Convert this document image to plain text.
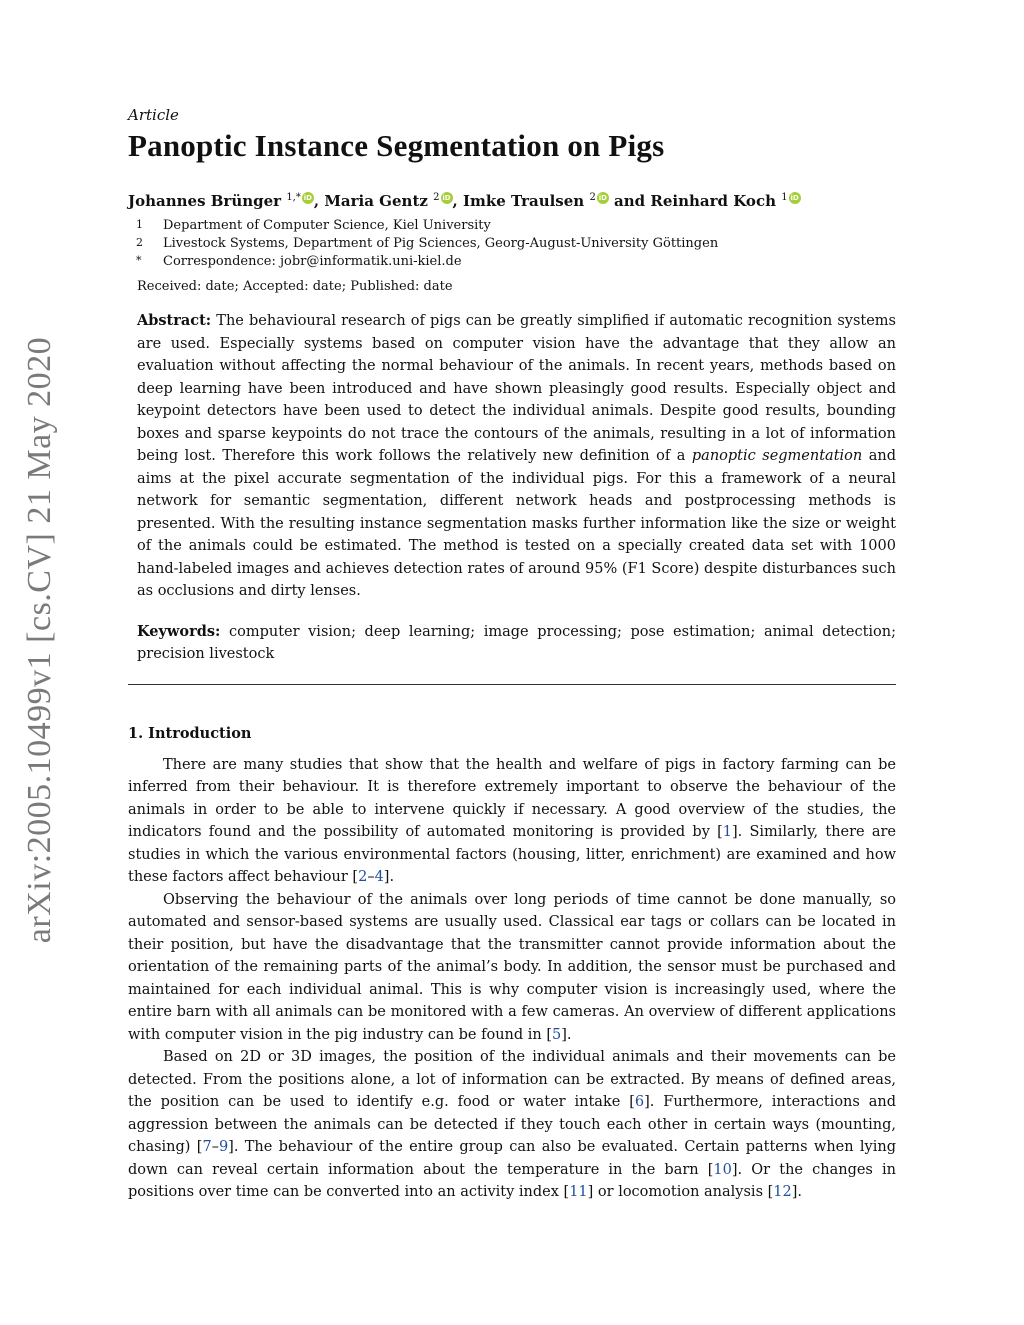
arXiv:2005.10499v1 [cs.CV] 21 May 2020
Article
Panoptic Instance Segmentation on Pigs
Johannes Brünger $^{1,*}$ iD , Maria Gentz $^2$ iD , Imke Traulsen $^2$ iD and Reinhard Koch $^1$ iD
1	Department of Computer Science, Kiel University
2	Livestock Systems, Department of Pig Sciences, Georg-August-University Göttingen
*	Correspondence: jobr@informatik.uni-kiel.de
Received: date; Accepted: date; Published: date

Abstract: The behavioural research of pigs can be greatly simplified if automatic recognition systems are used. Especially systems based on computer vision have the advantage that they allow an evaluation without affecting the normal behaviour of the animals. In recent years, methods based on deep learning have been introduced and have shown pleasingly good results. Especially object and keypoint detectors have been used to detect the individual animals. Despite good results, bounding boxes and sparse keypoints do not trace the contours of the animals, resulting in a lot of information being lost. Therefore this work follows the relatively new definition of a panoptic segmentation and aims at the pixel accurate segmentation of the individual pigs. For this a framework of a neural network for semantic segmentation, different network heads and postprocessing methods is presented. With the resulting instance segmentation masks further information like the size or weight of the animals could be estimated. The method is tested on a specially created data set with 1000 hand-labeled images and achieves detection rates of around 95% (F1 Score) despite disturbances such as occlusions and dirty lenses.

Keywords: computer vision; deep learning; image processing; pose estimation; animal detection; precision livestock

1. Introduction

There are many studies that show that the health and welfare of pigs in factory farming can be inferred from their behaviour. It is therefore extremely important to observe the behaviour of the animals in order to be able to intervene quickly if necessary. A good overview of the studies, the indicators found and the possibility of automated monitoring is provided by [1]. Similarly, there are studies in which the various environmental factors (housing, litter, enrichment) are examined and how these factors affect behaviour [2–4].

Observing the behaviour of the animals over long periods of time cannot be done manually, so automated and sensor-based systems are usually used. Classical ear tags or collars can be located in their position, but have the disadvantage that the transmitter cannot provide information about the orientation of the remaining parts of the animal’s body. In addition, the sensor must be purchased and maintained for each individual animal. This is why computer vision is increasingly used, where the entire barn with all animals can be monitored with a few cameras. An overview of different applications with computer vision in the pig industry can be found in [5].

Based on 2D or 3D images, the position of the individual animals and their movements can be detected. From the positions alone, a lot of information can be extracted. By means of defined areas, the position can be used to identify e.g. food or water intake [6]. Furthermore, interactions and aggression between the animals can be detected if they touch each other in certain ways (mounting, chasing) [7–9]. The behaviour of the entire group can also be evaluated. Certain patterns when lying down can reveal certain information about the temperature in the barn [10]. Or the changes in positions over time can be converted into an activity index [11] or locomotion analysis [12].
